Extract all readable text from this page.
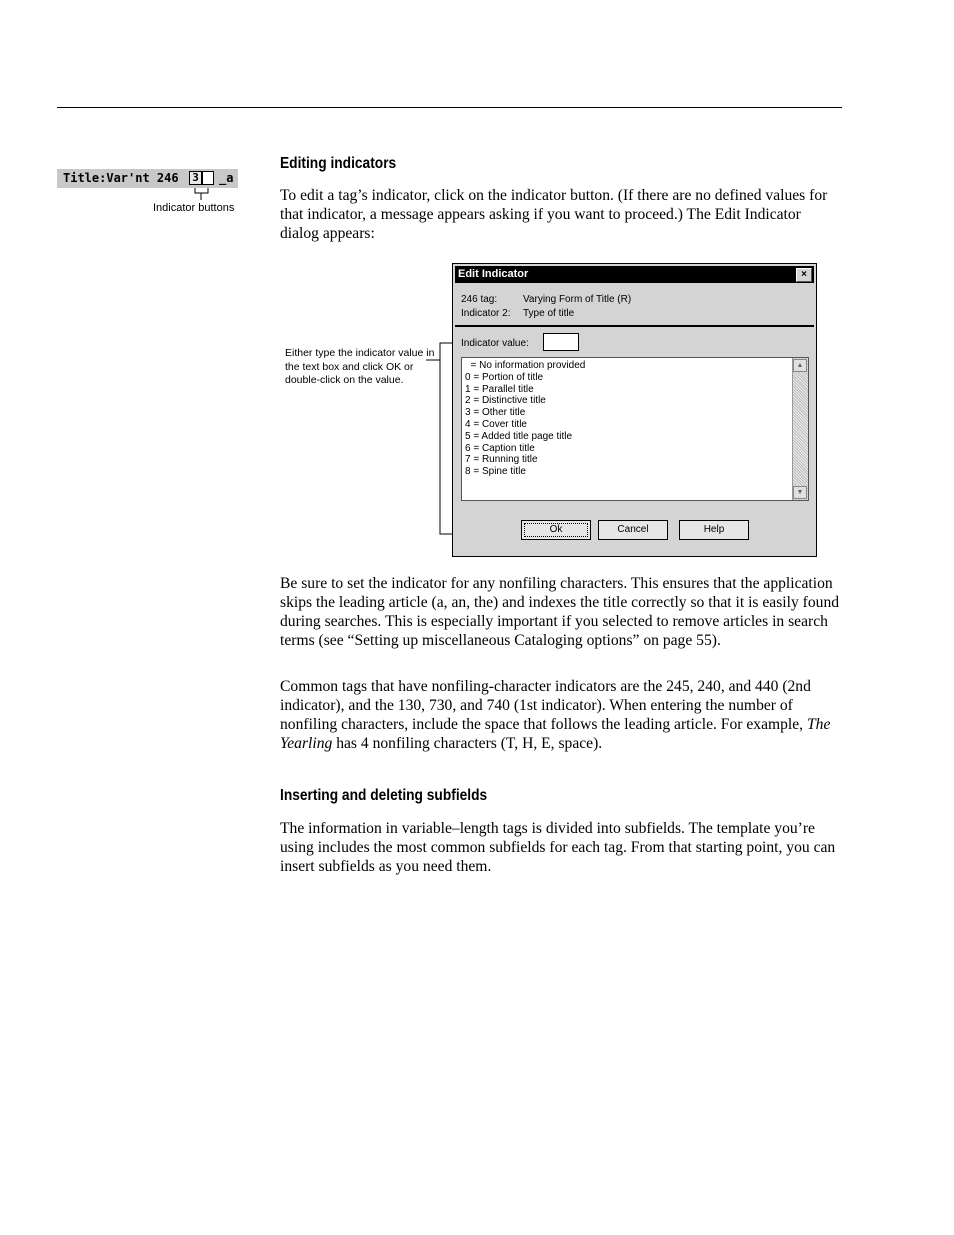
Title:Var'nt 246

3

_a

Indicator buttons
Either type the indicator value in the text box and click OK or double-click on the value.
Editing indicators

To edit a tag’s indicator, click on the indicator button. (If there are no defined values for that indicator, a message appears asking if you want to proceed.) The Edit Indicator dialog appears:

Edit Indicator	×
246 tag:	Varying Form of Title (R)
Indicator 2: Type of title
Indicator value:
= No information provided
0 = Portion of title
1 = Parallel title
2 = Distinctive title
3 = Other title
4 = Cover title
5 = Added title page title
6 = Caption title
7 = Running title
8 = Spine title
▲
▼
Ok	Cancel	Help

Be sure to set the indicator for any nonfiling characters. This ensures that the application skips the leading article (a, an, the) and indexes the title correctly so that it is easily found during searches. This is especially important if you selected to remove articles in search terms (see “Setting up miscellaneous Cataloging options” on page 55).

Common tags that have nonfiling-character indicators are the 245, 240, and 440 (2nd indicator), and the 130, 730, and 740 (1st indicator). When entering the number of nonfiling characters, include the space that follows the leading article. For example, The Yearling has 4 nonfiling characters (T, H, E, space).

Inserting and deleting subfields

The information in variable–length tags is divided into subfields. The template you’re using includes the most common subfields for each tag. From that starting point, you can insert subfields as you need them.
